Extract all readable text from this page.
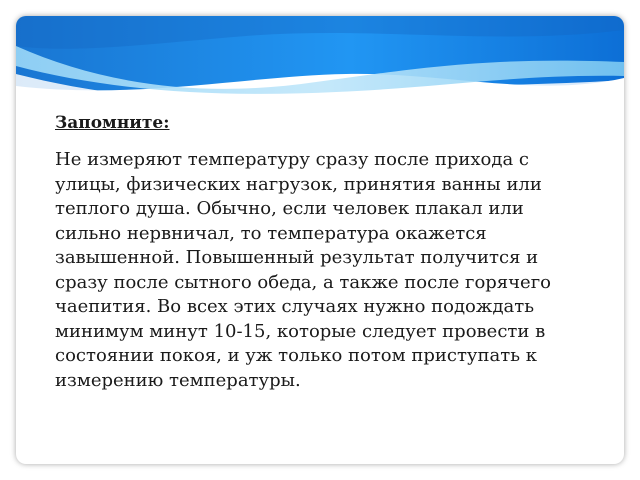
Запомните:

Не измеряют температуру сразу после прихода с улицы, физических нагрузок, принятия ванны или теплого душа. Обычно, если человек плакал или сильно нервничал, то температура окажется завышенной. Повышенный результат получится и сразу после сытного обеда, а также после горячего чаепития. Во всех этих случаях нужно подождать минимум минут 10-15, которые следует провести в состоянии покоя, и уж только потом приступать к измерению температуры.
